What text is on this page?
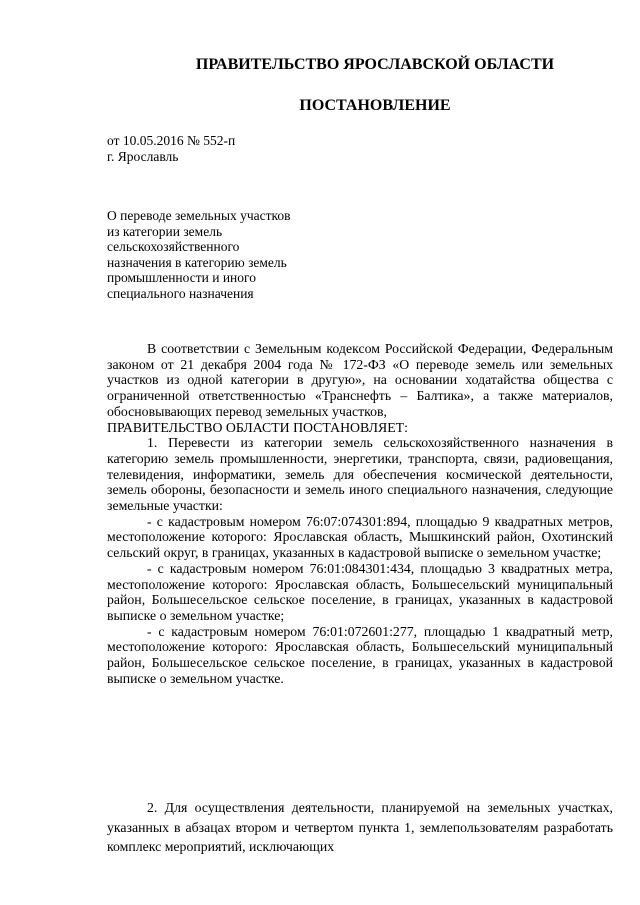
ПРАВИТЕЛЬСТВО ЯРОСЛАВСКОЙ ОБЛАСТИ

ПОСТАНОВЛЕНИЕ

от 10.05.2016 № 552-п
г. Ярославль
О переводе земельных участков
из категории земель
сельскохозяйственного
назначения в категорию земель
промышленности и иного
специального назначения

В соответствии с Земельным кодексом Российской Федерации, Федеральным законом от 21 декабря 2004 года № 172-ФЗ «О переводе земель или земельных участков из одной категории в другую», на основании ходатайства общества с ограниченной ответственностью «Транснефть – Балтика», а также материалов, обосновывающих перевод земельных участков,

ПРАВИТЕЛЬСТВО ОБЛАСТИ ПОСТАНОВЛЯЕТ:

1. Перевести из категории земель сельскохозяйственного назначения в категорию земель промышленности, энергетики, транспорта, связи, радиовещания, телевидения, информатики, земель для обеспечения космической деятельности, земель обороны, безопасности и земель иного специального назначения, следующие земельные участки:

- с кадастровым номером 76:07:074301:894, площадью 9 квадратных метров, местоположение которого: Ярославская область, Мышкинский район, Охотинский сельский округ, в границах, указанных в кадастровой выписке о земельном участке;

- с кадастровым номером 76:01:084301:434, площадью 3 квадратных метра, местоположение которого: Ярославская область, Большесельский муниципальный район, Большесельское сельское поселение, в границах, указанных в кадастровой выписке о земельном участке;

- с кадастровым номером 76:01:072601:277, площадью 1 квадратный метр, местоположение которого: Ярославская область, Большесельский муниципальный район, Большесельское сельское поселение, в границах, указанных в кадастровой выписке о земельном участке.

2. Для осуществления деятельности, планируемой на земельных участках, указанных в абзацах втором и четвертом пункта 1, землепользователям разработать комплекс мероприятий, исключающих
